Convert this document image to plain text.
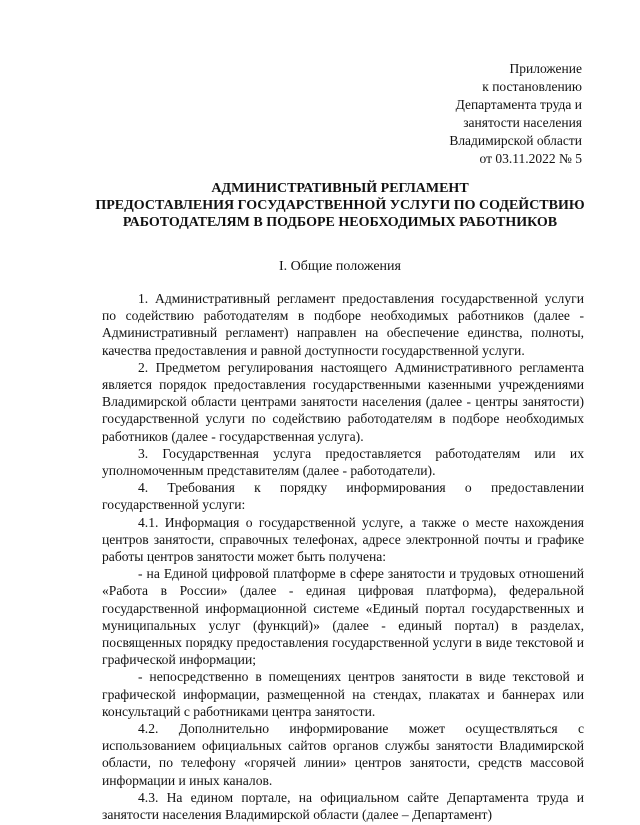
Приложение
к постановлению
Департамента труда и
занятости населения
Владимирской области
от 03.11.2022 № 5
АДМИНИСТРАТИВНЫЙ РЕГЛАМЕНТ
ПРЕДОСТАВЛЕНИЯ ГОСУДАРСТВЕННОЙ УСЛУГИ ПО СОДЕЙСТВИЮ
РАБОТОДАТЕЛЯМ В ПОДБОРЕ НЕОБХОДИМЫХ РАБОТНИКОВ
I. Общие положения

1. Административный регламент предоставления государственной услуги по содействию работодателям в подборе необходимых работников (далее - Административный регламент) направлен на обеспечение единства, полноты, качества предоставления и равной доступности государственной услуги.

2. Предметом регулирования настоящего Административного регламента является порядок предоставления государственными казенными учреждениями Владимирской области центрами занятости населения (далее - центры занятости) государственной услуги по содействию работодателям в подборе необходимых работников (далее - государственная услуга).

3. Государственная услуга предоставляется работодателям или их уполномоченным представителям (далее - работодатели).

4. Требования к порядку информирования о предоставлении государственной услуги:

4.1. Информация о государственной услуге, а также о месте нахождения центров занятости, справочных телефонах, адресе электронной почты и графике работы центров занятости может быть получена:

- на Единой цифровой платформе в сфере занятости и трудовых отношений «Работа в России» (далее - единая цифровая платформа), федеральной государственной информационной системе «Единый портал государственных и муниципальных услуг (функций)» (далее - единый портал) в разделах, посвященных порядку предоставления государственной услуги в виде текстовой и графической информации;

- непосредственно в помещениях центров занятости в виде текстовой и графической информации, размещенной на стендах, плакатах и баннерах или консультаций с работниками центра занятости.

4.2. Дополнительно информирование может осуществляться с использованием официальных сайтов органов службы занятости Владимирской области, по телефону «горячей линии» центров занятости, средств массовой информации и иных каналов.

4.3. На едином портале, на официальном сайте Департамента труда и занятости населения Владимирской области (далее – Департамент)
